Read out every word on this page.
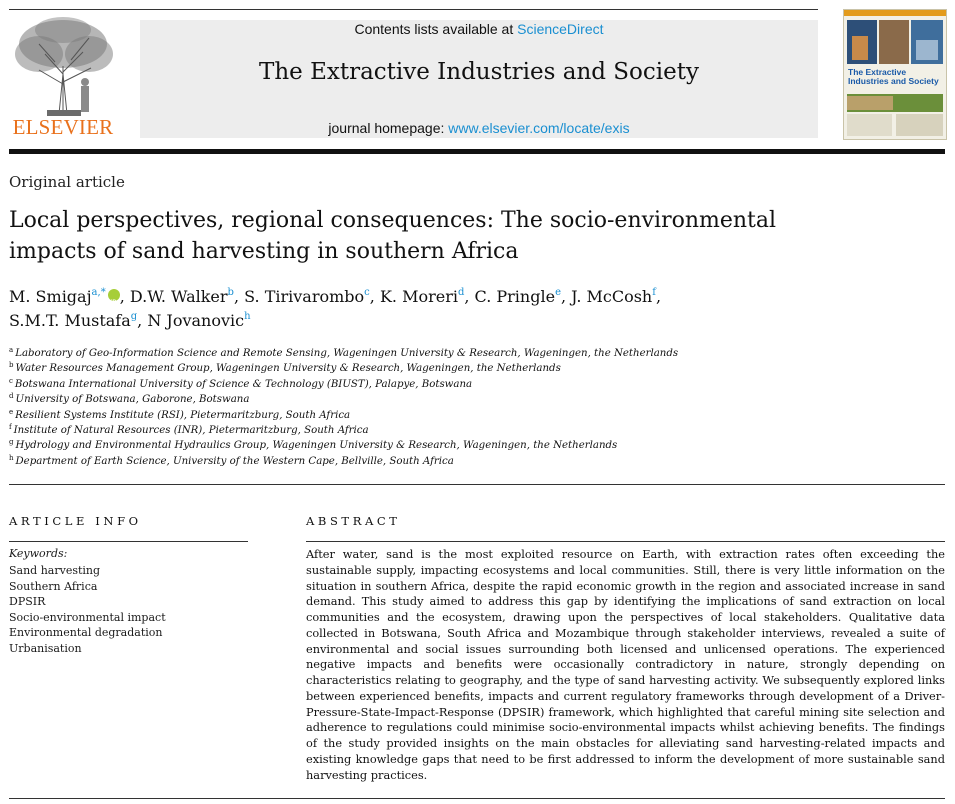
ELSEVIER
Contents lists available at ScienceDirect
The Extractive Industries and Society
journal homepage: www.elsevier.com/locate/exis
The Extractive Industries and Society
Original article
Local perspectives, regional consequences: The socio-environmental impacts of sand harvesting in southern Africa
M. Smigaj$^{a,*}$iD , D.W. Walker$^b$, S. Tirivarombo$^c$, K. Moreri$^d$, C. Pringle$^e$, J. McCosh$^f$,
S.M.T. Mustafa$^g$, N Jovanovic$^h$
$^a$ Laboratory of Geo-Information Science and Remote Sensing, Wageningen University & Research, Wageningen, the Netherlands
$^b$ Water Resources Management Group, Wageningen University & Research, Wageningen, the Netherlands
$^c$ Botswana International University of Science & Technology (BIUST), Palapye, Botswana
$^d$ University of Botswana, Gaborone, Botswana
$^e$ Resilient Systems Institute (RSI), Pietermaritzburg, South Africa
$^f$ Institute of Natural Resources (INR), Pietermaritzburg, South Africa
$^g$ Hydrology and Environmental Hydraulics Group, Wageningen University & Research, Wageningen, the Netherlands
$^h$ Department of Earth Science, University of the Western Cape, Bellville, South Africa
ARTICLE INFO
Keywords:
Sand harvesting
Southern Africa
DPSIR
Socio-environmental impact
Environmental degradation
Urbanisation
ABSTRACT
After water, sand is the most exploited resource on Earth, with extraction rates often exceeding the sustainable supply, impacting ecosystems and local communities. Still, there is very little information on the situation in southern Africa, despite the rapid economic growth in the region and associated increase in sand demand. This study aimed to address this gap by identifying the implications of sand extraction on local communities and the ecosystem, drawing upon the perspectives of local stakeholders. Qualitative data collected in Botswana, South Africa and Mozambique through stakeholder interviews, revealed a suite of environmental and social issues surrounding both licensed and unlicensed operations. The experienced negative impacts and benefits were occasionally contradictory in nature, strongly depending on characteristics relating to geography, and the type of sand harvesting activity. We subsequently explored links between experienced benefits, impacts and current regulatory frameworks through development of a Driver-Pressure-State-Impact-Response (DPSIR) framework, which highlighted that careful mining site selection and adherence to regulations could minimise socio-environmental impacts whilst achieving benefits. The findings of the study provided insights on the main obstacles for alleviating sand harvesting-related impacts and existing knowledge gaps that need to be first addressed to inform the development of more sustainable sand harvesting practices.
